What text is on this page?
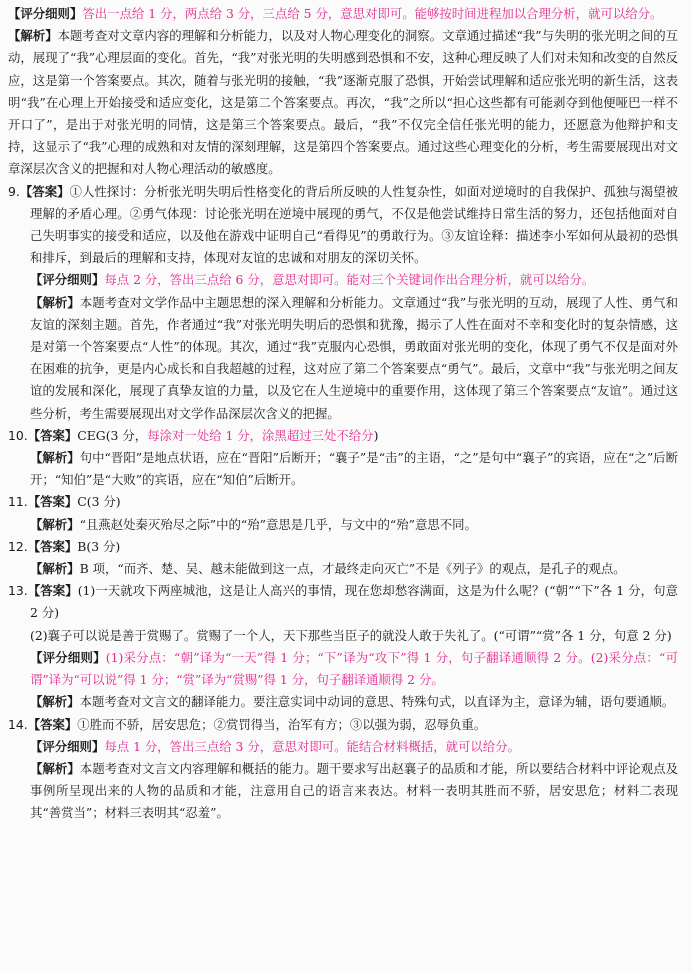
【评分细则】答出一点给 1 分，两点给 3 分，三点给 5 分，意思对即可。能够按时间进程加以合理分析，就可以给分。

【解析】本题考查对文章内容的理解和分析能力，以及对人物心理变化的洞察。文章通过描述“我”与失明的张光明之间的互动，展现了“我”心理层面的变化。首先，“我”对张光明的失明感到恐惧和不安，这种心理反映了人们对未知和改变的自然反应，这是第一个答案要点。其次，随着与张光明的接触，“我”逐渐克服了恐惧，开始尝试理解和适应张光明的新生活，这表明“我”在心理上开始接受和适应变化，这是第二个答案要点。再次，“我”之所以“担心这些都有可能剥夺到他便哑巴一样不开口了”，是出于对张光明的同情，这是第三个答案要点。最后，“我”不仅完全信任张光明的能力，还愿意为他辩护和支持，这显示了“我”心理的成熟和对友情的深刻理解，这是第四个答案要点。通过这些心理变化的分析，考生需要展现出对文章深层次含义的把握和对人物心理活动的敏感度。

9.【答案】①人性探讨：分析张光明失明后性格变化的背后所反映的人性复杂性，如面对逆境时的自我保护、孤独与渴望被理解的矛盾心理。②勇气体现：讨论张光明在逆境中展现的勇气，不仅是他尝试维持日常生活的努力，还包括他面对自己失明事实的接受和适应，以及他在游戏中证明自己“看得见”的勇敢行为。③友谊诠释：描述李小军如何从最初的恐惧和排斥，到最后的理解和支持，体现对友谊的忠诚和对朋友的深切关怀。

【评分细则】每点 2 分，答出三点给 6 分，意思对即可。能对三个关键词作出合理分析，就可以给分。

【解析】本题考查对文学作品中主题思想的深入理解和分析能力。文章通过“我”与张光明的互动，展现了人性、勇气和友谊的深刻主题。首先，作者通过“我”对张光明失明后的恐惧和犹豫，揭示了人性在面对不幸和变化时的复杂情感，这是对第一个答案要点“人性”的体现。其次，通过“我”克服内心恐惧，勇敢面对张光明的变化，体现了勇气不仅是面对外在困难的抗争，更是内心成长和自我超越的过程，这对应了第二个答案要点“勇气”。最后，文章中“我”与张光明之间友谊的发展和深化，展现了真挚友谊的力量，以及它在人生逆境中的重要作用，这体现了第三个答案要点“友谊”。通过这些分析，考生需要展现出对文学作品深层次含义的把握。

10.【答案】CEG(3 分，每涂对一处给 1 分，涂黑超过三处不给分)

【解析】句中“晋阳”是地点状语，应在“晋阳”后断开；“襄子”是“击”的主语，“之”是句中“襄子”的宾语，应在“之”后断开；“知伯”是“大败”的宾语，应在“知伯”后断开。

11.【答案】C(3 分)

【解析】“且燕赵处秦灭殆尽之际”中的“殆”意思是几乎，与文中的“殆”意思不同。

12.【答案】B(3 分)

【解析】B 项，“而齐、楚、吴、越未能做到这一点，才最终走向灭亡”不是《列子》的观点，是孔子的观点。

13.【答案】(1)一天就攻下两座城池，这是让人高兴的事情，现在您却愁容满面，这是为什么呢？(“朝”“下”各 1 分，句意 2 分)

(2)襄子可以说是善于赏赐了。赏赐了一个人，天下那些当臣子的就没人敢于失礼了。(“可谓”“赏”各 1 分，句意 2 分)

【评分细则】(1)采分点：“朝”译为“一天”得 1 分；“下”译为“攻下”得 1 分，句子翻译通顺得 2 分。(2)采分点：“可谓”译为“可以说”得 1 分；“赏”译为“赏赐”得 1 分，句子翻译通顺得 2 分。

【解析】本题考查对文言文的翻译能力。要注意实词中动词的意思、特殊句式，以直译为主，意译为辅，语句要通顺。

14.【答案】①胜而不骄，居安思危；②赏罚得当，治军有方；③以强为弱，忍辱负重。

【评分细则】每点 1 分，答出三点给 3 分，意思对即可。能结合材料概括，就可以给分。

【解析】本题考查对文言文内容理解和概括的能力。题干要求写出赵襄子的品质和才能，所以要结合材料中评论观点及事例所呈现出来的人物的品质和才能，注意用自己的语言来表达。材料一表明其胜而不骄，居安思危；材料二表现其“善赏当”；材料三表明其“忍羞”。
